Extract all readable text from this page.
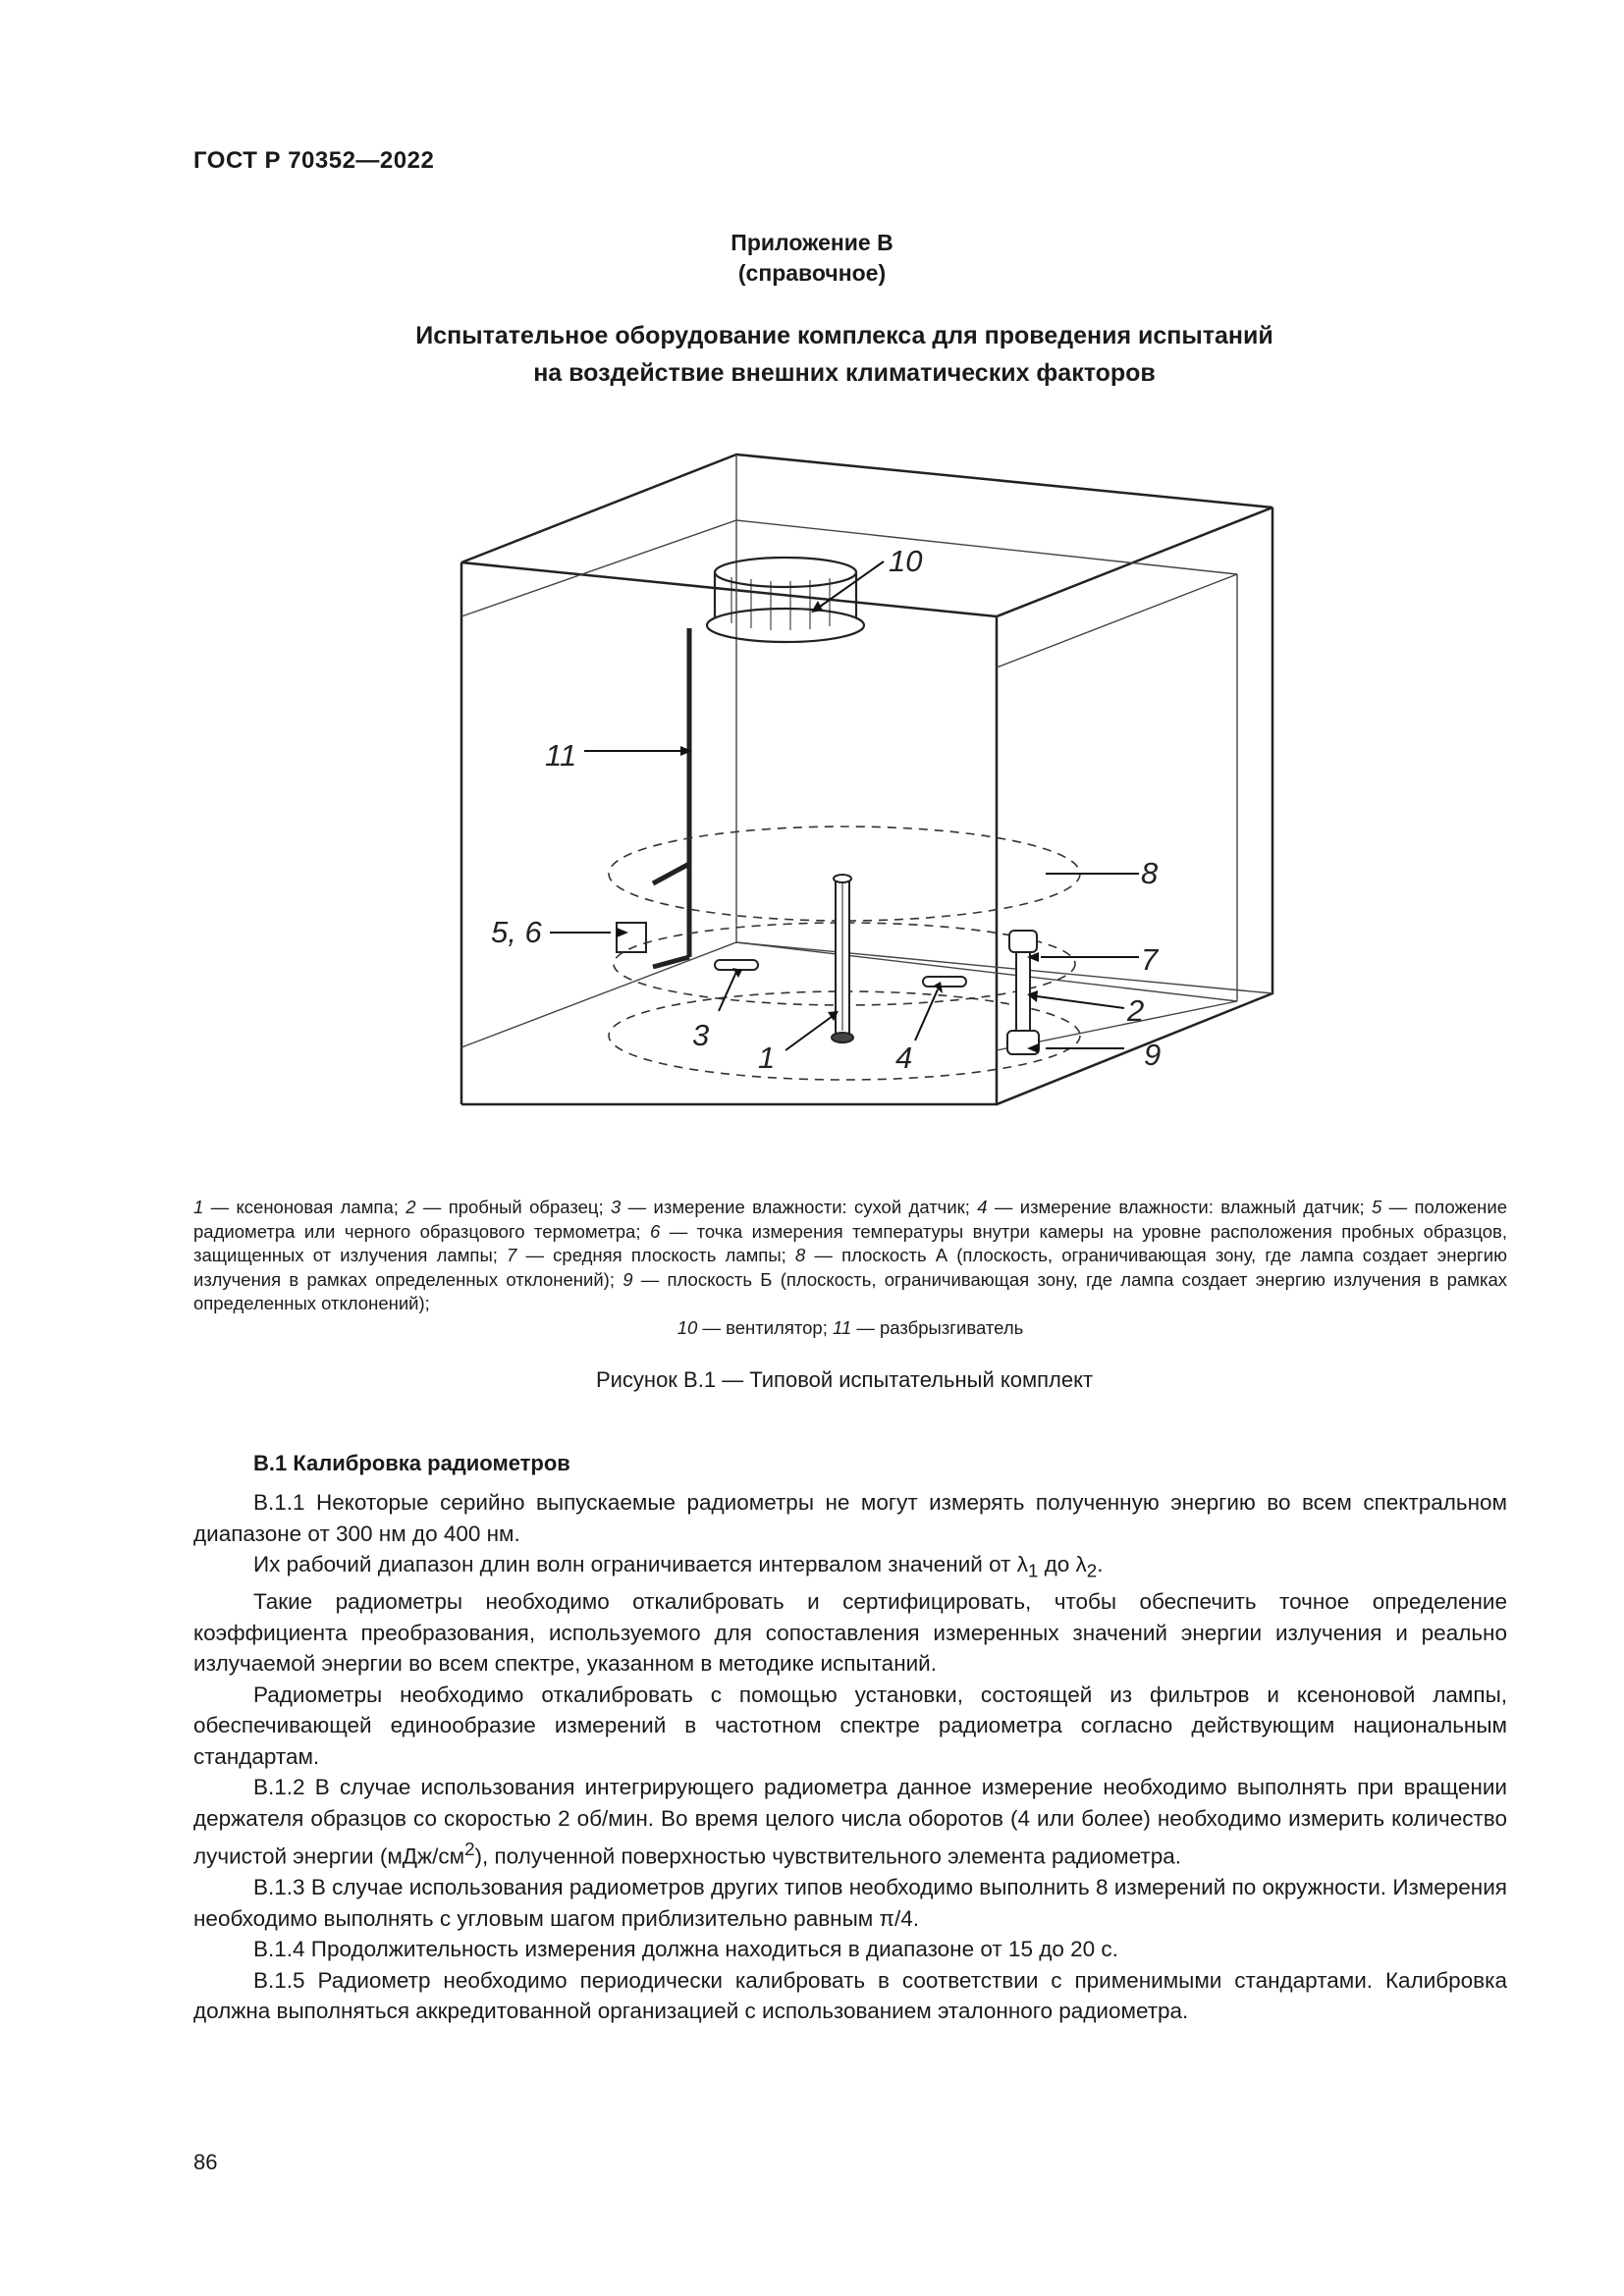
ГОСТ Р 70352—2022
Приложение В
(справочное)
Испытательное оборудование комплекса для проведения испытаний
на воздействие внешних климатических факторов
10
11
8
5, 6
7
2
3
1	4	9
1 — ксеноновая лампа; 2 — пробный образец; 3 — измерение влажности: сухой датчик; 4 — измерение влажности: влажный датчик; 5 — положение радиометра или черного образцового термометра; 6 — точка измерения температуры внутри камеры на уровне расположения пробных образцов, защищенных от излучения лампы; 7 — средняя плоскость лампы; 8 — плоскость А (плоскость, ограничивающая зону, где лампа создает энергию излучения в рамках определенных отклонений); 9 — плоскость Б (плоскость, ограничивающая зону, где лампа создает энергию излучения в рамках определенных отклонений);
10 — вентилятор; 11 — разбрызгиватель
Рисунок В.1 — Типовой испытательный комплект
В.1 Калибровка радиометров

В.1.1 Некоторые серийно выпускаемые радиометры не могут измерять полученную энергию во всем спектральном диапазоне от 300 нм до 400 нм.

Их рабочий диапазон длин волн ограничивается интервалом значений от $\lambda_1$ до $\lambda_2$.

Такие радиометры необходимо откалибровать и сертифицировать, чтобы обеспечить точное определение коэффициента преобразования, используемого для сопоставления измеренных значений энергии излучения и реально излучаемой энергии во всем спектре, указанном в методике испытаний.

Радиометры необходимо откалибровать с помощью установки, состоящей из фильтров и ксеноновой лампы, обеспечивающей единообразие измерений в частотном спектре радиометра согласно действующим национальным стандартам.

В.1.2 В случае использования интегрирующего радиометра данное измерение необходимо выполнять при вращении держателя образцов со скоростью 2 об/мин. Во время целого числа оборотов (4 или более) необходимо измерить количество лучистой энергии $(мДж/см^2)$, полученной поверхностью чувствительного элемента радиометра.

В.1.3 В случае использования радиометров других типов необходимо выполнить 8 измерений по окружности. Измерения необходимо выполнять с угловым шагом приблизительно равным π/4.

В.1.4 Продолжительность измерения должна находиться в диапазоне от 15 до 20 с.

В.1.5 Радиометр необходимо периодически калибровать в соответствии с применимыми стандартами. Калибровка должна выполняться аккредитованной организацией с использованием эталонного радиометра.

86
